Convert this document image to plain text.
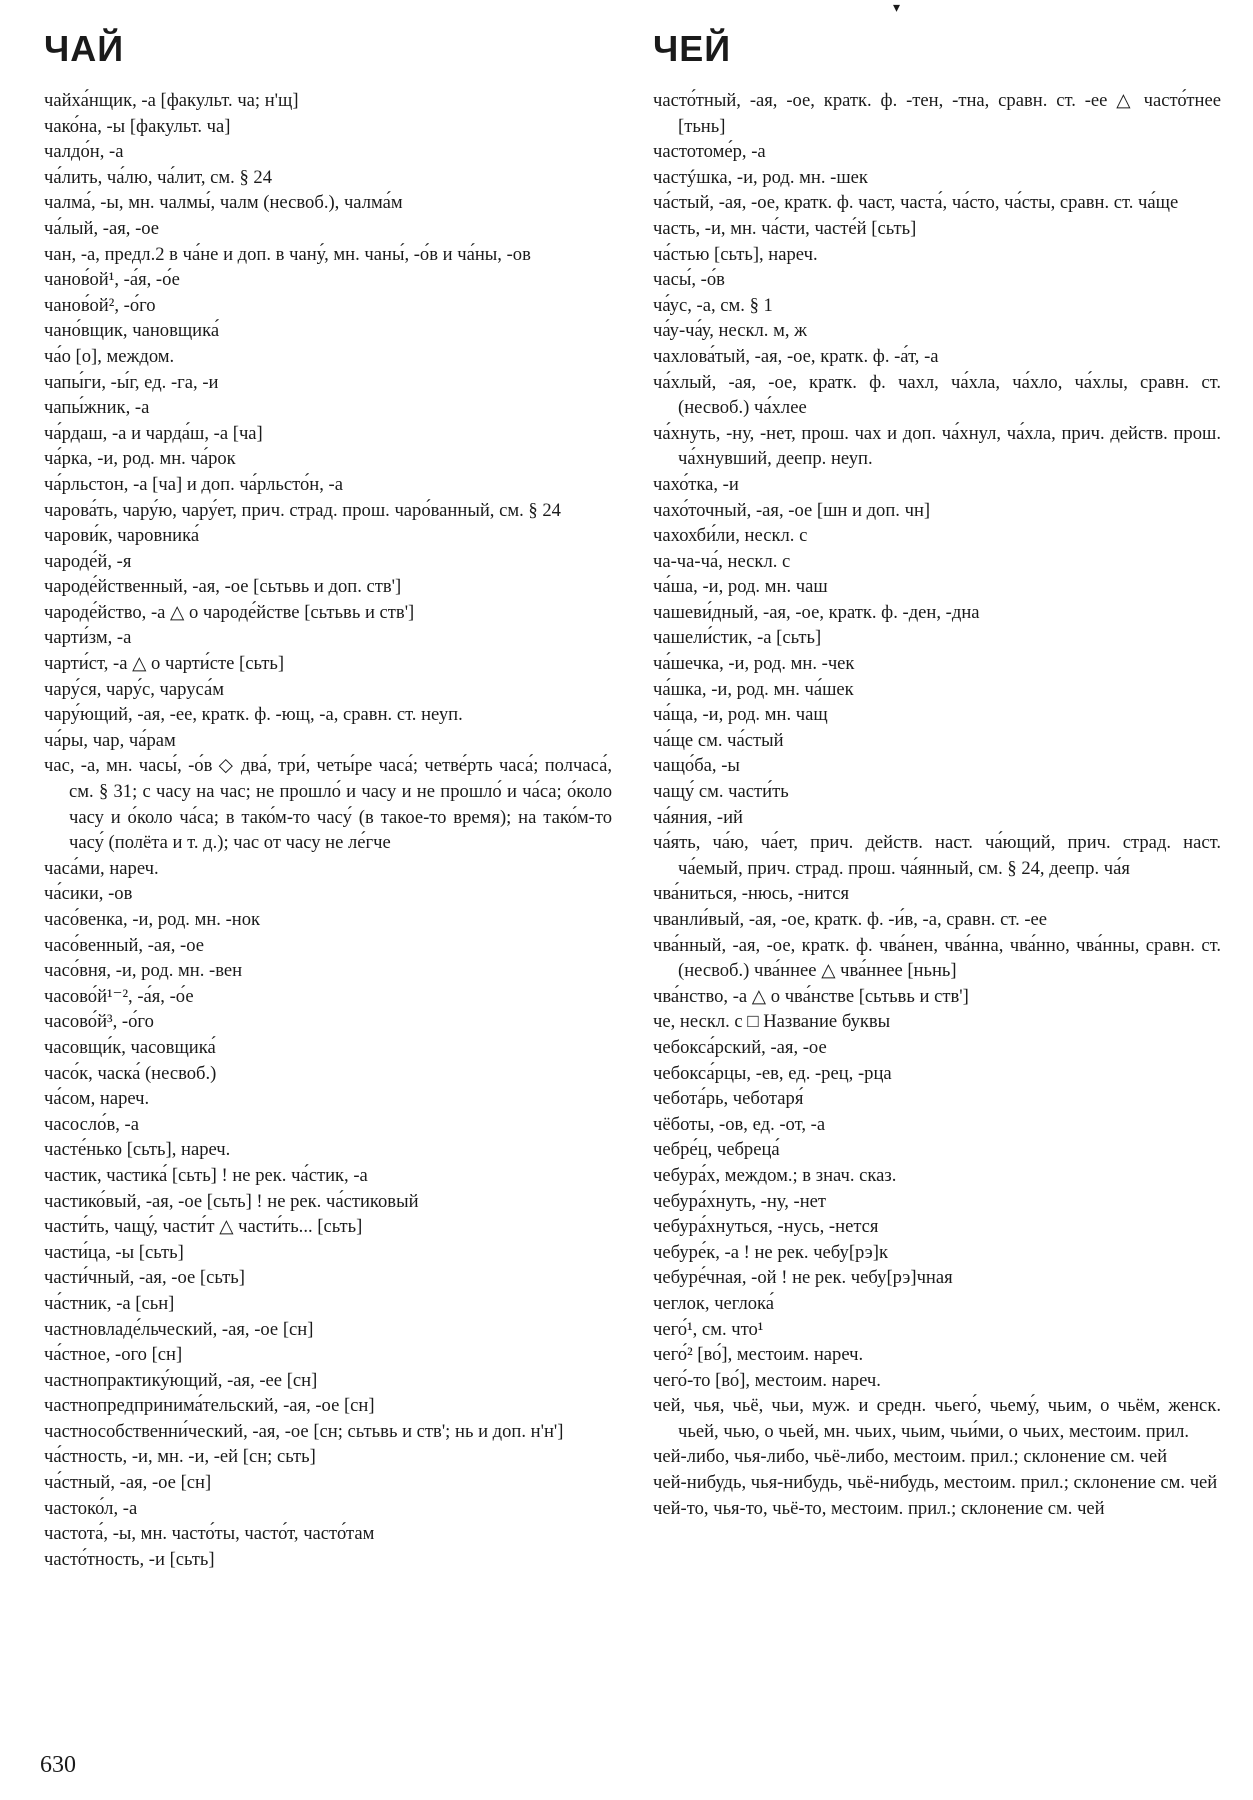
▾
ЧАЙ	ЧЕЙ

чайха́нщик, -а [факульт. ча; н'щ]

чако́на, -ы [факульт. ча]

чалдо́н, -а

ча́лить, ча́лю, ча́лит, см. § 24

чалма́, -ы, мн. чалмы́, чалм (несвоб.), чалма́м

ча́лый, -ая, -ое

чан, -а, предл.2 в ча́не и доп. в чану́, мн. чаны́, -о́в и ча́ны, -ов

чанов́ой¹, -а́я, -о́е

чанов́ой², -о́го

чано́вщик, чановщика́

ча́о [о], междом.

чапы́ги, -ы́г, ед. -га, -и

чапы́жник, -а

ча́рдаш, -а и чарда́ш, -а [ча]

ча́рка, -и, род. мн. ча́рок

ча́рльстон, -а [ча] и доп. ча́рльсто́н, -а

чарова́ть, чару́ю, чару́ет, прич. страд. прош. чаро́ванный, см. § 24

чарови́к, чаровника́

чароде́й, -я

чароде́йственный, -ая, -ое [сьтьвь и доп. ств']

чароде́йство, -а △ о чароде́йстве [сьтьвь и ств']

чарти́зм, -а

чарти́ст, -а △ о чарти́сте [сьть]

чару́ся, чару́с, чаруса́м

чару́ющий, -ая, -ее, кратк. ф. -ющ, -а, сравн. ст. неуп.

ча́ры, чар, ча́рам

час, -а, мн. часы́, -о́в ◇ два́, три́, четы́ре часа́; четве́рть часа́; полчаса́, см. § 31; с часу на час; не прошло́ и часу и не прошло́ и ча́са; о́коло часу и о́коло ча́са; в тако́м-то часу́ (в такое-то время); на тако́м-то часу́ (полёта и т. д.); час от часу не ле́гче

часа́ми, нареч.

ча́сики, -ов

часо́венка, -и, род. мн. -нок

часо́венный, -ая, -ое

часо́вня, -и, род. мн. -вен

часово́й¹⁻², -а́я, -о́е

часово́й³, -о́го

часовщи́к, часовщика́

часо́к, часка́ (несвоб.)

ча́сом, нареч.

часосло́в, -а

часте́нько [сьть], нареч.

частик, частика́ [сьть] ! не рек. ча́стик, -а

частико́вый, -ая, -ое [сьть] ! не рек. ча́стиковый

части́ть, чащу́, части́т △ части́ть... [сьть]

части́ца, -ы [сьть]

части́чный, -ая, -ое [сьть]

ча́стник, -а [сьн]

частновладе́льческий, -ая, -ое [сн]

ча́стное, -ого [сн]

частнопрактику́ющий, -ая, -ее [сн]

частнопредпринима́тельский, -ая, -ое [сн]

частнособственни́ческий, -ая, -ое [сн; сьтьвь и ств'; нь и доп. н'н']

ча́стность, -и, мн. -и, -ей [сн; сьть]

ча́стный, -ая, -ое [сн]

частоко́л, -а

частота́, -ы, мн. часто́ты, часто́т, часто́там

часто́тность, -и [сьть]

часто́тный, -ая, -ое, кратк. ф. -тен, -тна, сравн. ст. -ее △ часто́тнее [тьнь]

частотоме́р, -а

частýшка, -и, род. мн. -шек

ча́стый, -ая, -ое, кратк. ф. част, часта́, ча́сто, ча́сты, сравн. ст. ча́ще

часть, -и, мн. ча́сти, часте́й [сьть]

ча́стью [сьть], нареч.

часы́, -о́в

ча́ус, -а, см. § 1

ча́у-ча́у, нескл. м, ж

чахлова́тый, -ая, -ое, кратк. ф. -а́т, -а

ча́хлый, -ая, -ое, кратк. ф. чахл, ча́хла, ча́хло, ча́хлы, сравн. ст. (несвоб.) ча́хлее

ча́хнуть, -ну, -нет, прош. чах и доп. ча́хнул, ча́хла, прич. действ. прош. ча́хнувший, деепр. неуп.

чахо́тка, -и

чахо́точный, -ая, -ое [шн и доп. чн]

чахохби́ли, нескл. с

ча-ча-ча́, нескл. с

ча́ша, -и, род. мн. чаш

чашеви́дный, -ая, -ое, кратк. ф. -ден, -дна

чашели́стик, -а [сьть]

ча́шечка, -и, род. мн. -чек

ча́шка, -и, род. мн. ча́шек

ча́ща, -и, род. мн. чащ

ча́ще см. ча́стый

чащо́ба, -ы

чащу́ см. части́ть

ча́яния, -ий

ча́ять, ча́ю, ча́ет, прич. действ. наст. ча́ющий, прич. страд. наст. ча́емый, прич. страд. прош. ча́янный, см. § 24, деепр. ча́я

чва́ниться, -нюсь, -нится

чванли́вый, -ая, -ое, кратк. ф. -и́в, -а, сравн. ст. -ее

чва́нный, -ая, -ое, кратк. ф. чва́нен, чва́нна, чва́нно, чва́нны, сравн. ст. (несвоб.) чва́ннее △ чва́ннее [ньнь]

чва́нство, -а △ о чва́нстве [сьтьвь и ств']

че, нескл. с □ Название буквы

чебокса́рский, -ая, -ое

чебокса́рцы, -ев, ед. -рец, -рца

чебота́рь, чеботаря́

чёботы, -ов, ед. -от, -а

чебре́ц, чебреца́

чебура́х, междом.; в знач. сказ.

чебура́хнуть, -ну, -нет

чебура́хнуться, -нусь, -нется

чебуре́к, -а ! не рек. чебу[рэ]к

чебуре́чная, -ой ! не рек. чебу[рэ]чная

чеглок, чеглока́

чего́¹, см. что¹

чего́² [во́], местоим. нареч.

чего́-то [во́], местоим. нареч.

чей, чья, чьё, чьи, муж. и средн. чьего́, чьему́, чьим, о чьём, женск. чьей, чью, о чьей, мн. чьих, чьим, чьи́ми, о чьих, местоим. прил.

чей-либо, чья-либо, чьё-либо, местоим. прил.; склонение см. чей

чей-нибудь, чья-нибудь, чьё-нибудь, местоим. прил.; склонение см. чей

чей-то, чья-то, чьё-то, местоим. прил.; склонение см. чей

630
